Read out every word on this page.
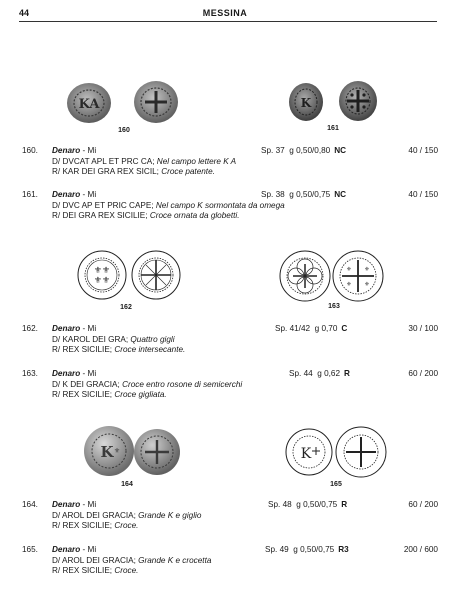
44	MESSINA
KA
160
K
161
160. Denaro - Mi	Sp. 37 g 0,50/0,80 NC	40 / 150
D/ DVCAT APL ET PRC CA; Nel campo lettere K A
R/ KAR DEI GRA REX SICIL; Croce patente.
161. Denaro - Mi	Sp. 38 g 0,50/0,75 NC	40 / 150
D/ DVC AP ET PRIC CAPE; Nel campo K sormontata da omega
R/ DEI GRA REX SICILIE; Croce ornata da globetti.
⚜⚜
⚜⚜
162
⚜ ⚜
⚜ ⚜
163
162. Denaro - Mi	Sp. 41/42 g 0,70 C	30 / 100
D/ KAROL DEI GRA; Quattro gigli
R/ REX SICILIE; Croce intersecante.
163. Denaro - Mi	Sp. 44 g 0,62 R	60 / 200
D/ K DEI GRACIA; Croce entro rosone di semicerchi
R/ REX SICILIE; Croce gigliata.
K ⚜
164
K
165
164. Denaro - Mi	Sp. 48 g 0,50/0,75 R	60 / 200
D/ AROL DEI GRACIA; Grande K e giglio
R/ REX SICILIE; Croce.
165. Denaro - Mi	Sp. 49 g 0,50/0,75 R3	200 / 600
D/ AROL DEI GRACIA; Grande K e crocetta
R/ REX SICILIE; Croce.
